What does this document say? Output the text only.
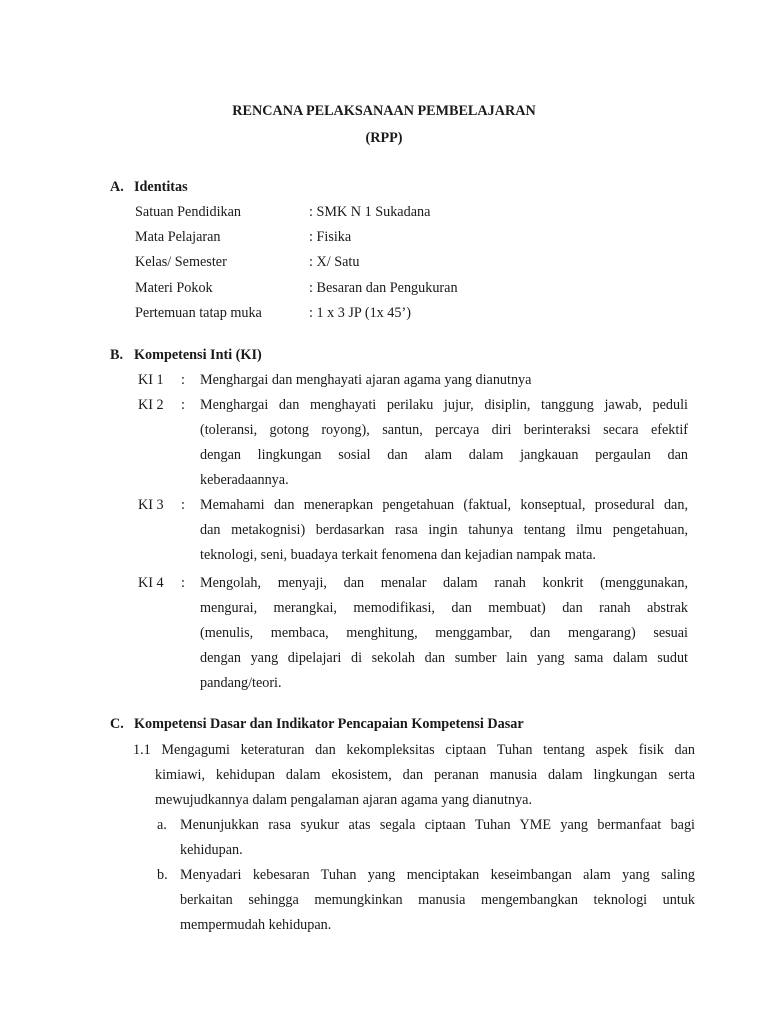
RENCANA PELAKSANAAN PEMBELAJARAN
(RPP)
A. Identitas
Satuan Pendidikan	: SMK N 1 Sukadana
Mata Pelajaran	: Fisika
Kelas/ Semester	: X/ Satu
Materi Pokok	: Besaran dan Pengukuran
Pertemuan tatap muka	: 1 x 3 JP (1x 45’)
B. Kompetensi Inti (KI)
KI 1 : Menghargai dan menghayati ajaran agama yang dianutnya
KI 2 : Menghargai dan menghayati perilaku jujur, disiplin, tanggung jawab, peduli
(toleransi, gotong royong), santun, percaya diri berinteraksi secara efektif
dengan lingkungan sosial dan alam dalam jangkauan pergaulan dan
keberadaannya.
KI 3 : Memahami dan menerapkan pengetahuan (faktual, konseptual, prosedural dan,
dan metakognisi) berdasarkan rasa ingin tahunya tentang ilmu pengetahuan,
teknologi, seni, buadaya terkait fenomena dan kejadian nampak mata.
KI 4 : Mengolah, menyaji, dan menalar dalam ranah konkrit (menggunakan,
mengurai, merangkai, memodifikasi, dan membuat) dan ranah abstrak
(menulis, membaca, menghitung, menggambar, dan mengarang) sesuai
dengan yang dipelajari di sekolah dan sumber lain yang sama dalam sudut
pandang/teori.
C. Kompetensi Dasar dan Indikator Pencapaian Kompetensi Dasar
1.1 Mengagumi keteraturan dan kekompleksitas ciptaan Tuhan tentang aspek fisik dan
kimiawi, kehidupan dalam ekosistem, dan peranan manusia dalam lingkungan serta
mewujudkannya dalam pengalaman ajaran agama yang dianutnya.
a. Menunjukkan rasa syukur atas segala ciptaan Tuhan YME yang bermanfaat bagi
kehidupan.
b. Menyadari kebesaran Tuhan yang menciptakan keseimbangan alam yang saling
berkaitan sehingga memungkinkan manusia mengembangkan teknologi untuk
mempermudah kehidupan.
